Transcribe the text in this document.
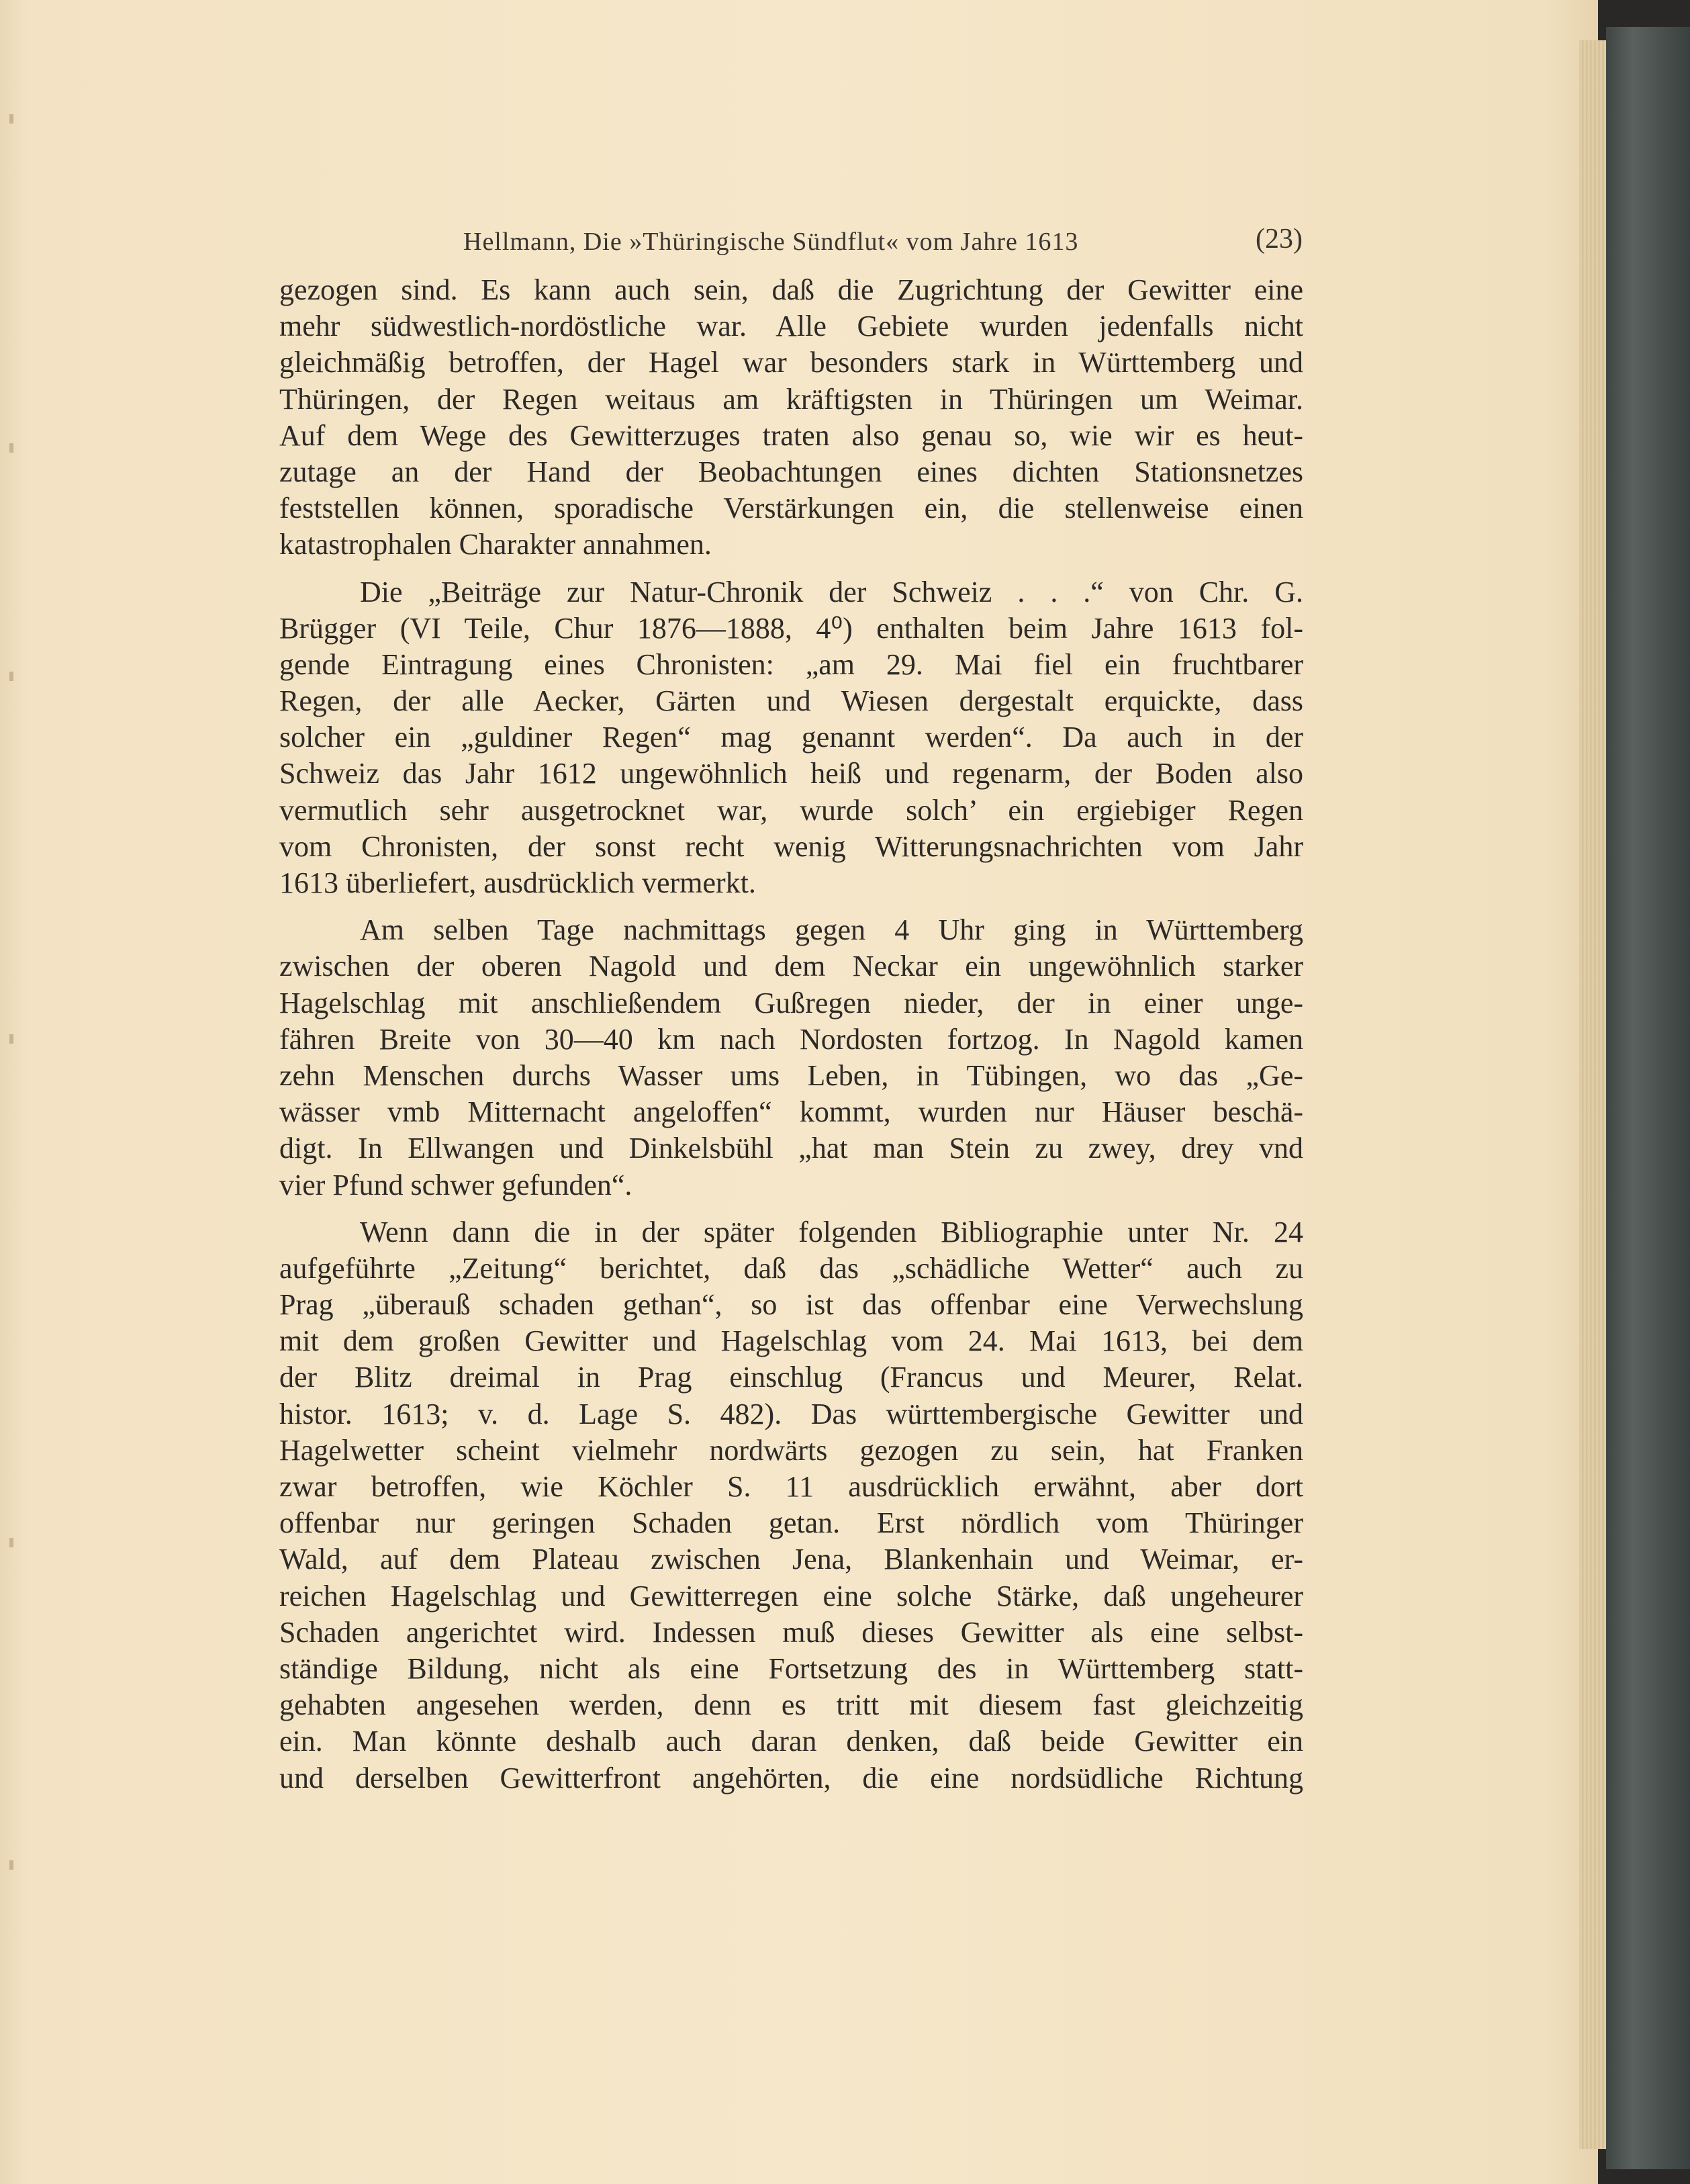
Hellmann, Die »Thüringische Sündflut« vom Jahre 1613	(23)
gezogen sind. Es kann auch sein, daß die Zugrichtung der Gewitter eine
mehr südwestlich-nordöstliche war. Alle Gebiete wurden jedenfalls nicht
gleichmäßig betroffen, der Hagel war besonders stark in Württemberg und
Thüringen, der Regen weitaus am kräftigsten in Thüringen um Weimar.
Auf dem Wege des Gewitterzuges traten also genau so, wie wir es heut-
zutage an der Hand der Beobachtungen eines dichten Stationsnetzes
feststellen können, sporadische Verstärkungen ein, die stellenweise einen
katastrophalen Charakter annahmen.
Die „Beiträge zur Natur-Chronik der Schweiz . . .“ von Chr. G.
Brügger (VI Teile, Chur 1876—1888, 4⁰) enthalten beim Jahre 1613 fol-
gende Eintragung eines Chronisten: „am 29. Mai fiel ein fruchtbarer
Regen, der alle Aecker, Gärten und Wiesen dergestalt erquickte, dass
solcher ein „guldiner Regen“ mag genannt werden“. Da auch in der
Schweiz das Jahr 1612 ungewöhnlich heiß und regenarm, der Boden also
vermutlich sehr ausgetrocknet war, wurde solch’ ein ergiebiger Regen
vom Chronisten, der sonst recht wenig Witterungsnachrichten vom Jahr
1613 überliefert, ausdrücklich vermerkt.
Am selben Tage nachmittags gegen 4 Uhr ging in Württemberg
zwischen der oberen Nagold und dem Neckar ein ungewöhnlich starker
Hagelschlag mit anschließendem Gußregen nieder, der in einer unge-
fähren Breite von 30—40 km nach Nordosten fortzog. In Nagold kamen
zehn Menschen durchs Wasser ums Leben, in Tübingen, wo das „Ge-
wässer vmb Mitternacht angeloffen“ kommt, wurden nur Häuser beschä-
digt. In Ellwangen und Dinkelsbühl „hat man Stein zu zwey, drey vnd
vier Pfund schwer gefunden“.
Wenn dann die in der später folgenden Bibliographie unter Nr. 24
aufgeführte „Zeitung“ berichtet, daß das „schädliche Wetter“ auch zu
Prag „überauß schaden gethan“, so ist das offenbar eine Verwechslung
mit dem großen Gewitter und Hagelschlag vom 24. Mai 1613, bei dem
der Blitz dreimal in Prag einschlug (Francus und Meurer, Relat.
histor. 1613; v. d. Lage S. 482). Das württembergische Gewitter und
Hagelwetter scheint vielmehr nordwärts gezogen zu sein, hat Franken
zwar betroffen, wie Köchler S. 11 ausdrücklich erwähnt, aber dort
offenbar nur geringen Schaden getan. Erst nördlich vom Thüringer
Wald, auf dem Plateau zwischen Jena, Blankenhain und Weimar, er-
reichen Hagelschlag und Gewitterregen eine solche Stärke, daß ungeheurer
Schaden angerichtet wird. Indessen muß dieses Gewitter als eine selbst-
ständige Bildung, nicht als eine Fortsetzung des in Württemberg statt-
gehabten angesehen werden, denn es tritt mit diesem fast gleichzeitig
ein. Man könnte deshalb auch daran denken, daß beide Gewitter ein
und derselben Gewitterfront angehörten, die eine nordsüdliche Richtung
